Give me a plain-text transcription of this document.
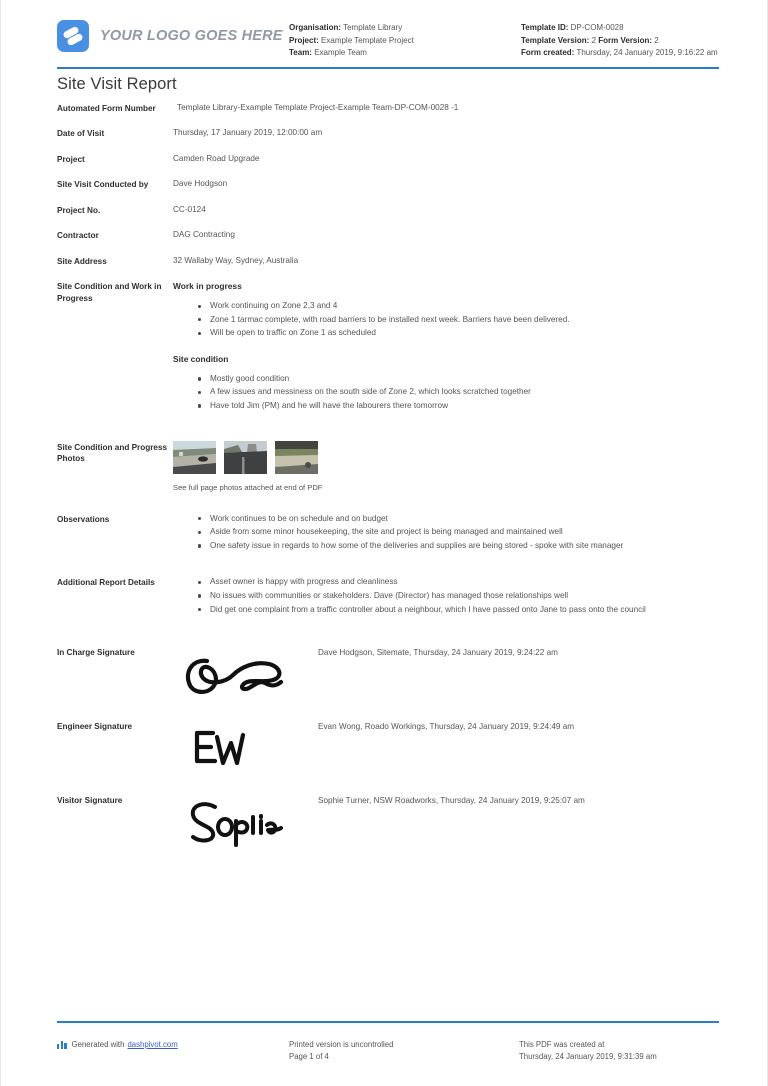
YOUR LOGO GOES HERE
Organisation: Template Library
Project: Example Template Project
Team: Example Team
Template ID: DP-COM-0028
Template Version: 2 Form Version: 2
Form created: Thursday, 24 January 2019, 9:16:22 am
Site Visit Report
Automated Form Number	Template Library-Example Template Project-Example Team-DP-COM-0028 -1
Date of Visit	Thursday, 17 January 2019, 12:00:00 am
Project	Camden Road Upgrade
Site Visit Conducted by	Dave Hodgson
Project No.	CC-0124
Contractor	DAG Contracting
Site Address	32 Wallaby Way, Sydney, Australia
Site Condition and Work in Progress
Work in progress
Work continuing on Zone 2,3 and 4
Zone 1 tarmac complete, with road barriers to be installed next week. Barriers have been delivered.
Will be open to traffic on Zone 1 as scheduled
Site condition
Mostly good condition
A few issues and messiness on the south side of Zone 2, which looks scratched together
Have told Jim (PM) and he will have the labourers there tomorrow
Site Condition and Progress Photos
See full page photos attached at end of PDF
Observations	Work continues to be on schedule and on budget
Aside from some minor housekeeping, the site and project is being managed and maintained well
One safety issue in regards to how some of the deliveries and supplies are being stored - spoke with site manager
Additional Report Details	Asset owner is happy with progress and cleanliness
No issues with communities or stakeholders. Dave (Director) has managed those relationships well
Did get one complaint from a traffic controller about a neighbour, which I have passed onto Jane to pass onto the council
In Charge Signature	Dave Hodgson, Sitemate, Thursday, 24 January 2019, 9:24:22 am
Engineer Signature	Evan Wong, Roado Workings, Thursday, 24 January 2019, 9:24:49 am
Visitor Signature	Sophie Turner, NSW Roadworks, Thursday, 24 January 2019, 9:25:07 am
Generated with dashpivot.com	Printed version is uncontrolled
Page 1 of 4
This PDF was created at
Thursday, 24 January 2019, 9:31:39 am
